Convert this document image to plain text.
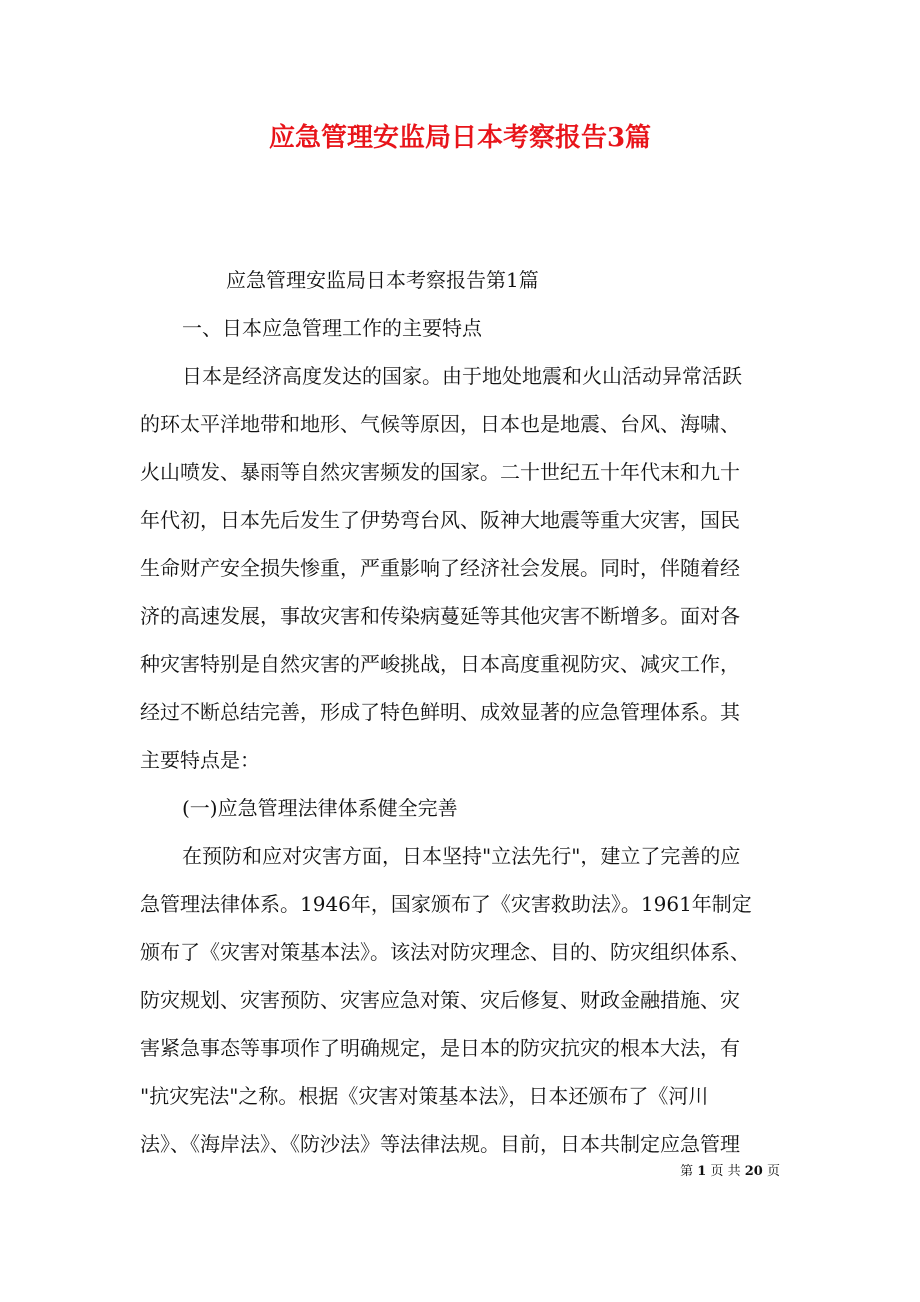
应急管理安监局日本考察报告3篇
应急管理安监局日本考察报告第1篇
一、日本应急管理工作的主要特点
日本是经济高度发达的国家。由于地处地震和火山活动异常活跃
的环太平洋地带和地形、气候等原因，日本也是地震、台风、海啸、
火山喷发、暴雨等自然灾害频发的国家。二十世纪五十年代末和九十
年代初，日本先后发生了伊势弯台风、阪神大地震等重大灾害，国民
生命财产安全损失惨重，严重影响了经济社会发展。同时，伴随着经
济的高速发展，事故灾害和传染病蔓延等其他灾害不断增多。面对各
种灾害特别是自然灾害的严峻挑战，日本高度重视防灾、减灾工作，
经过不断总结完善，形成了特色鲜明、成效显著的应急管理体系。其
主要特点是：
(一)应急管理法律体系健全完善
在预防和应对灾害方面，日本坚持"立法先行"，建立了完善的应
急管理法律体系。1946年，国家颁布了《灾害救助法》。1961年制定
颁布了《灾害对策基本法》。该法对防灾理念、目的、防灾组织体系、
防灾规划、灾害预防、灾害应急对策、灾后修复、财政金融措施、灾
害紧急事态等事项作了明确规定，是日本的防灾抗灾的根本大法，有
"抗灾宪法"之称。根据《灾害对策基本法》，日本还颁布了《河川
法》、《海岸法》、《防沙法》等法律法规。目前，日本共制定应急管理
第 1 页 共 20 页
